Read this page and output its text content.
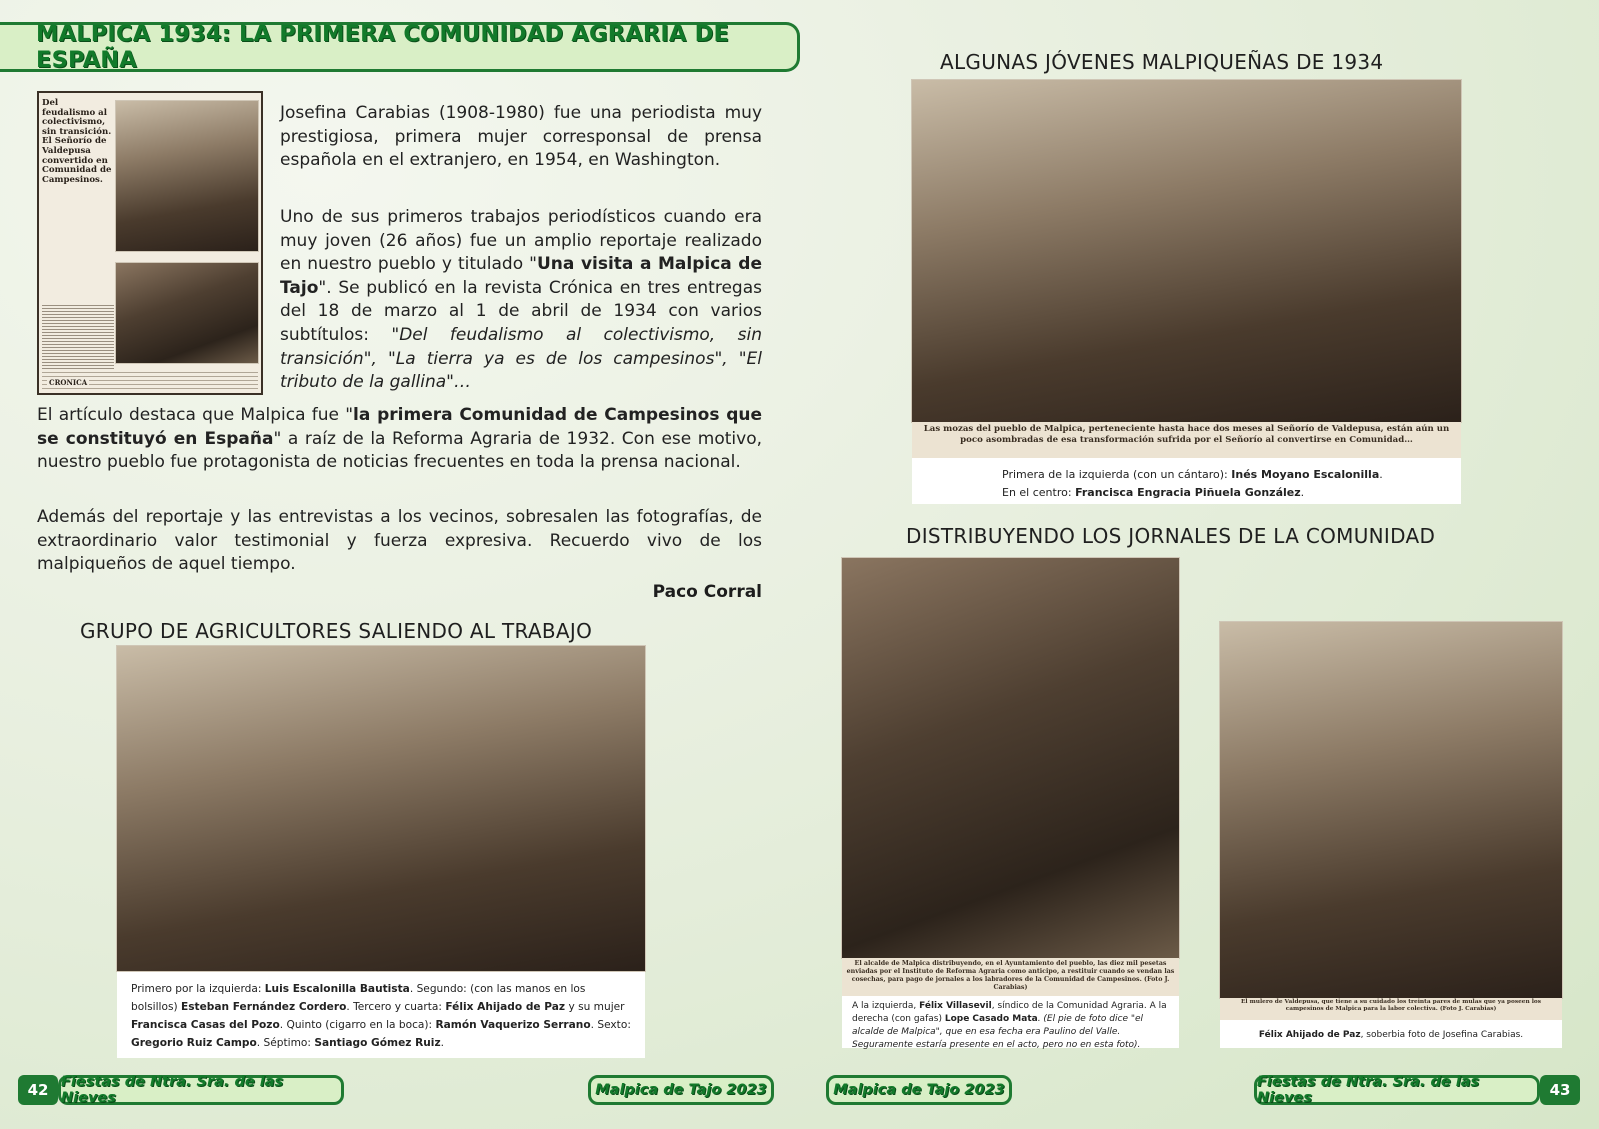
MALPICA 1934: LA PRIMERA COMUNIDAD AGRARIA DE ESPAÑA
Del feudalismo al colectivismo, sin transición. El Señorío de Valdepusa convertido en Comunidad de Campesinos.
CRONICA

Josefina Carabias (1908-1980) fue una periodista muy prestigiosa, primera mujer corresponsal de prensa española en el extranjero, en 1954, en Washington.

Uno de sus primeros trabajos periodísticos cuando era muy joven (26 años) fue un amplio reportaje realizado en nuestro pueblo y titulado "Una visita a Malpica de Tajo". Se publicó en la revista Crónica en tres entregas del 18 de marzo al 1 de abril de 1934 con varios subtítulos: "Del feudalismo al colectivismo, sin transición", "La tierra ya es de los campesinos", "El tributo de la gallina"…

El artículo destaca que Malpica fue "la primera Comunidad de Campesinos que se constituyó en España" a raíz de la Reforma Agraria de 1932. Con ese motivo, nuestro pueblo fue protagonista de noticias frecuentes en toda la prensa nacional.

Además del reportaje y las entrevistas a los vecinos, sobresalen las fotografías, de extraordinario valor testimonial y fuerza expresiva. Recuerdo vivo de los malpiqueños de aquel tiempo.

Paco Corral
GRUPO DE AGRICULTORES SALIENDO AL TRABAJO
Primero por la izquierda: Luis Escalonilla Bautista. Segundo: (con las manos en los bolsillos) Esteban Fernández Cordero. Tercero y cuarta: Félix Ahijado de Paz y su mujer Francisca Casas del Pozo. Quinto (cigarro en la boca): Ramón Vaquerizo Serrano. Sexto: Gregorio Ruiz Campo. Séptimo: Santiago Gómez Ruiz.
ALGUNAS JÓVENES MALPIQUEÑAS DE 1934
Las mozas del pueblo de Malpica, perteneciente hasta hace dos meses al Señorío de Valdepusa, están aún un poco asombradas de esa transformación sufrida por el Señorío al convertirse en Comunidad…
Primera de la izquierda (con un cántaro): Inés Moyano Escalonilla.
En el centro: Francisca Engracia Piñuela González.
DISTRIBUYENDO LOS JORNALES DE LA COMUNIDAD
El alcalde de Malpica distribuyendo, en el Ayuntamiento del pueblo, las diez mil pesetas enviadas por el Instituto de Reforma Agraria como anticipo, a restituir cuando se vendan las cosechas, para pago de jornales a los labradores de la Comunidad de Campesinos. (Foto J. Carabias)
A la izquierda, Félix Villasevil, síndico de la Comunidad Agraria. A la derecha (con gafas) Lope Casado Mata. (El pie de foto dice "el alcalde de Malpica", que en esa fecha era Paulino del Valle. Seguramente estaría presente en el acto, pero no en esta foto).
El mulero de Valdepusa, que tiene a su cuidado los treinta pares de mulas que ya poseen los campesinos de Malpica para la labor colectiva. (Foto J. Carabias)
Félix Ahijado de Paz, soberbia foto de Josefina Carabias.
42 Fiestas de Ntra. Sra. de las Nieves	Malpica de Tajo 2023	Malpica de Tajo 2023	Fiestas de Ntra. Sra. de las Nieves	43
